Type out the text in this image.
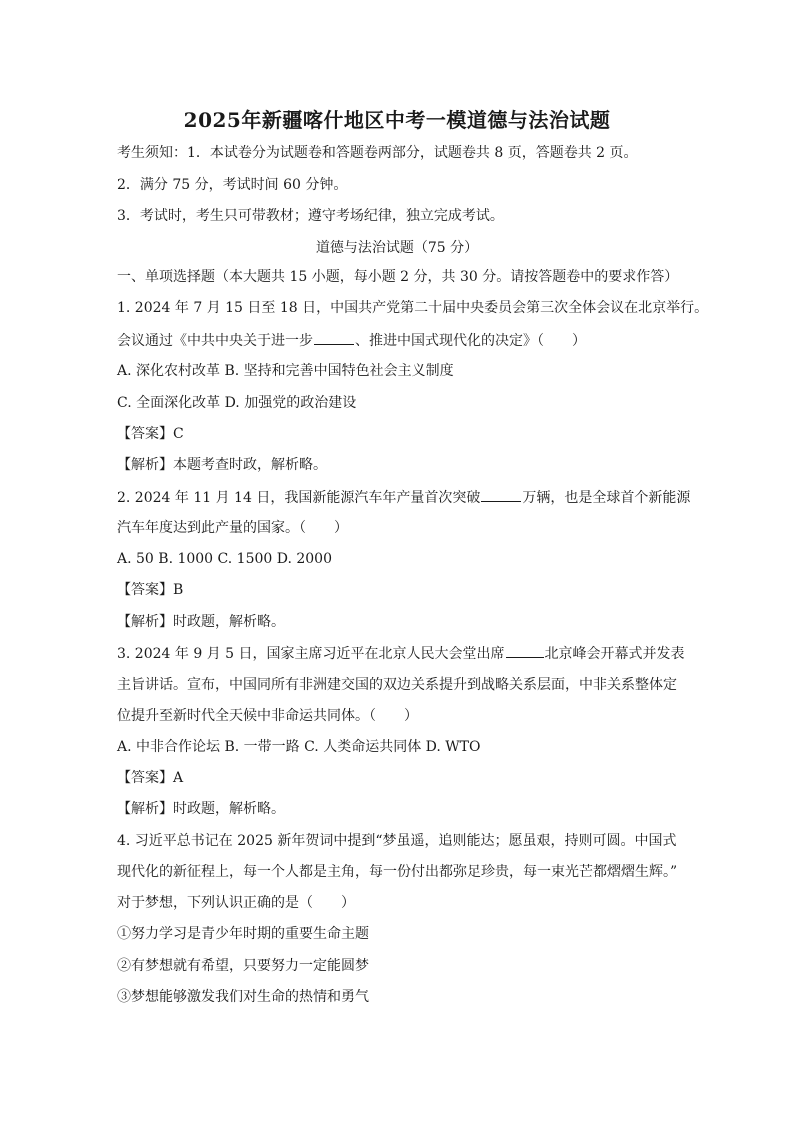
2025年新疆喀什地区中考一模道德与法治试题
考生须知：1．本试卷分为试题卷和答题卷两部分，试题卷共 8 页，答题卷共 2 页。
2．满分 75 分，考试时间 60 分钟。
3．考试时，考生只可带教材；遵守考场纪律，独立完成考试。
道德与法治试题（75 分）
一、单项选择题（本大题共 15 小题，每小题 2 分，共 30 分。请按答题卷中的要求作答）
1. 2024 年 7 月 15 日至 18 日，中国共产党第二十届中央委员会第三次全体会议在北京举行。
会议通过《中共中央关于进一步	、推进中国式现代化的决定》（　　）
A. 深化农村改革 B. 坚持和完善中国特色社会主义制度
C. 全面深化改革 D. 加强党的政治建设
【答案】C
【解析】本题考查时政，解析略。
2. 2024 年 11 月 14 日，我国新能源汽车年产量首次突破	万辆，也是全球首个新能源
汽车年度达到此产量的国家。（　　）
A. 50 B. 1000 C. 1500 D. 2000
【答案】B
【解析】时政题，解析略。
3. 2024 年 9 月 5 日，国家主席习近平在北京人民大会堂出席	北京峰会开幕式并发表
主旨讲话。宣布，中国同所有非洲建交国的双边关系提升到战略关系层面，中非关系整体定
位提升至新时代全天候中非命运共同体。（　　）
A. 中非合作论坛 B. 一带一路 C. 人类命运共同体 D. WTO
【答案】A
【解析】时政题，解析略。
4. 习近平总书记在 2025 新年贺词中提到“梦虽遥，追则能达；愿虽艰，持则可圆。中国式
现代化的新征程上，每一个人都是主角，每一份付出都弥足珍贵，每一束光芒都熠熠生辉。”
对于梦想，下列认识正确的是（　　）
①努力学习是青少年时期的重要生命主题
②有梦想就有希望，只要努力一定能圆梦
③梦想能够激发我们对生命的热情和勇气
